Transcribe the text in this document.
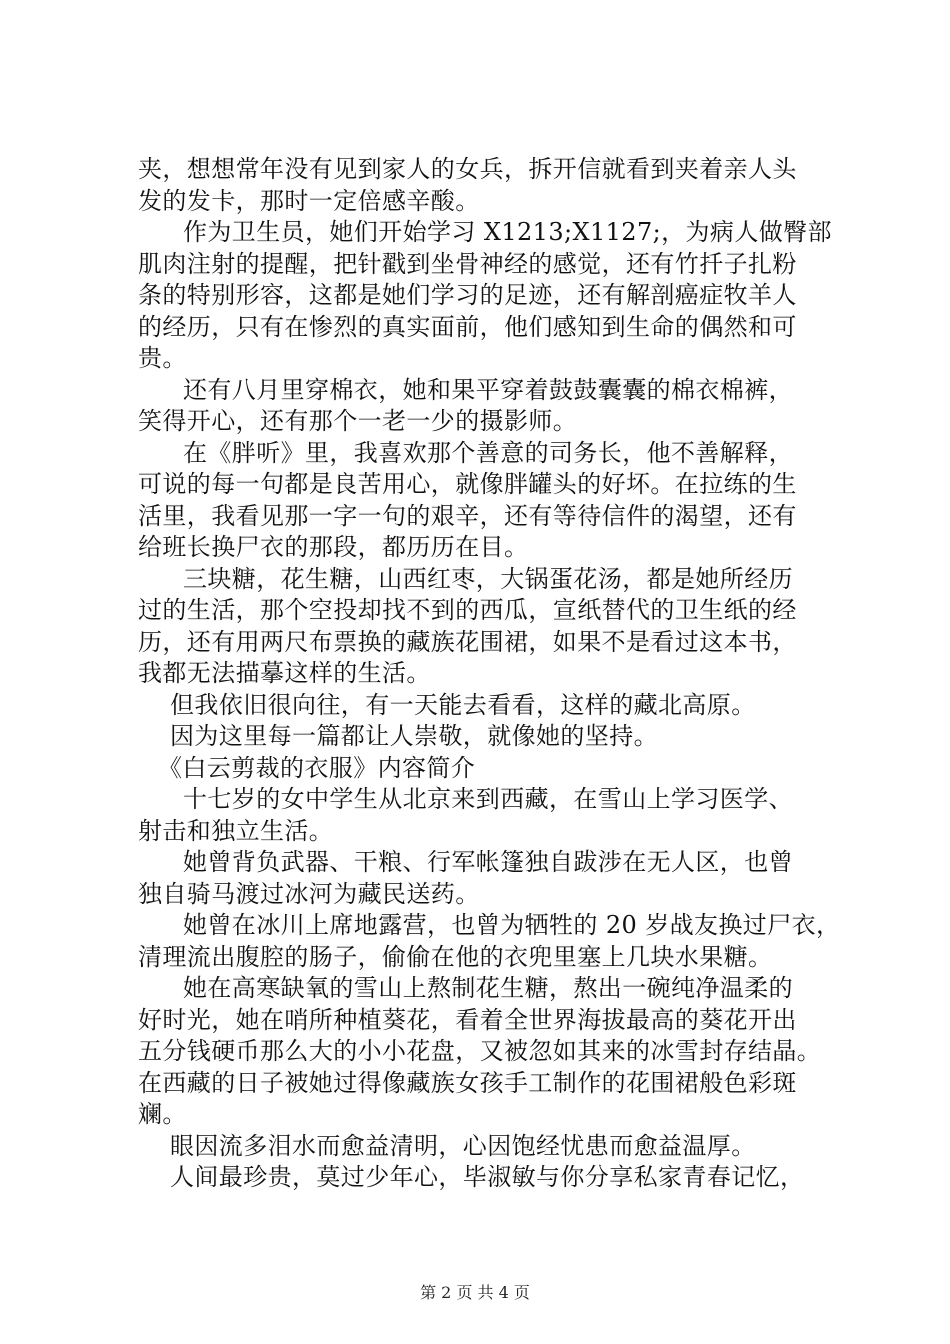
夹，想想常年没有见到家人的女兵，拆开信就看到夹着亲人头
发的发卡，那时一定倍感辛酸。
作为卫生员，她们开始学习 X1213;X1127;，为病人做臀部
肌肉注射的提醒，把针戳到坐骨神经的感觉，还有竹扦子扎粉
条的特别形容，这都是她们学习的足迹，还有解剖癌症牧羊人
的经历，只有在惨烈的真实面前，他们感知到生命的偶然和可
贵。
还有八月里穿棉衣，她和果平穿着鼓鼓囊囊的棉衣棉裤，
笑得开心，还有那个一老一少的摄影师。
在《胖听》里，我喜欢那个善意的司务长，他不善解释，
可说的每一句都是良苦用心，就像胖罐头的好坏。在拉练的生
活里，我看见那一字一句的艰辛，还有等待信件的渴望，还有
给班长换尸衣的那段，都历历在目。
三块糖，花生糖，山西红枣，大锅蛋花汤，都是她所经历
过的生活，那个空投却找不到的西瓜，宣纸替代的卫生纸的经
历，还有用两尺布票换的藏族花围裙，如果不是看过这本书，
我都无法描摹这样的生活。
但我依旧很向往，有一天能去看看，这样的藏北高原。
因为这里每一篇都让人崇敬，就像她的坚持。
《白云剪裁的衣服》内容简介
十七岁的女中学生从北京来到西藏，在雪山上学习医学、
射击和独立生活。
她曾背负武器、干粮、行军帐篷独自跋涉在无人区，也曾
独自骑马渡过冰河为藏民送药。
她曾在冰川上席地露营，也曾为牺牲的 20 岁战友换过尸衣，
清理流出腹腔的肠子，偷偷在他的衣兜里塞上几块水果糖。
她在高寒缺氧的雪山上熬制花生糖，熬出一碗纯净温柔的
好时光，她在哨所种植葵花，看着全世界海拔最高的葵花开出
五分钱硬币那么大的小小花盘，又被忽如其来的冰雪封存结晶。
在西藏的日子被她过得像藏族女孩手工制作的花围裙般色彩斑
斓。
眼因流多泪水而愈益清明，心因饱经忧患而愈益温厚。
人间最珍贵，莫过少年心，毕淑敏与你分享私家青春记忆，
第 2 页 共 4 页
